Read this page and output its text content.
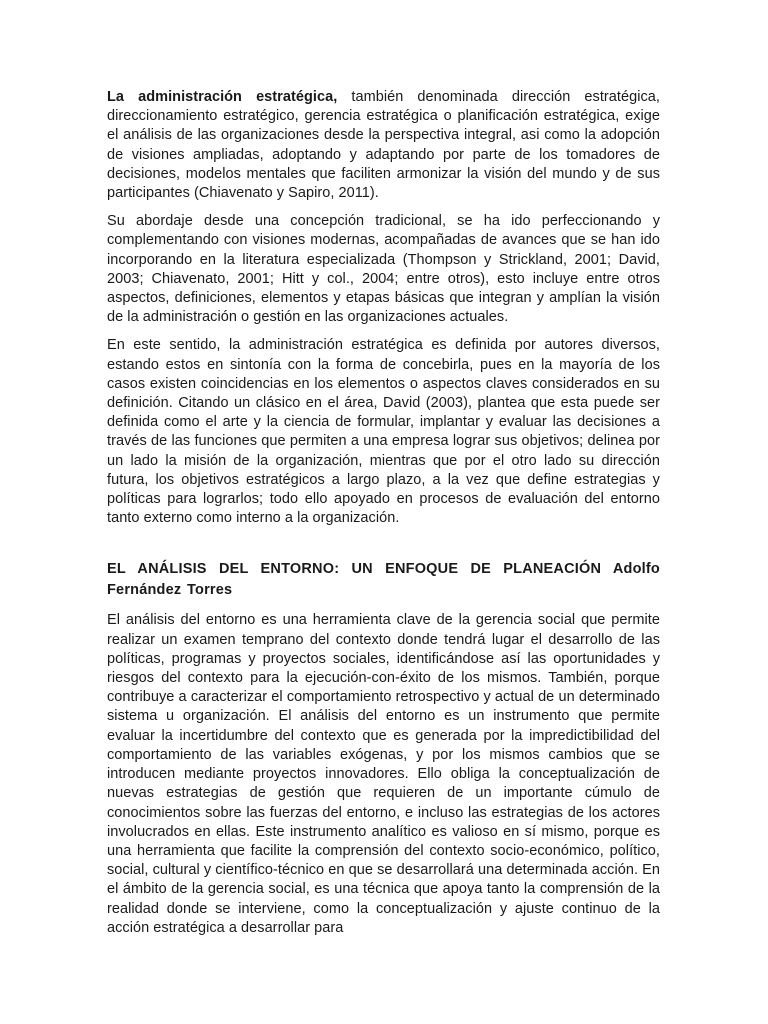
La administración estratégica, también denominada dirección estratégica, direccionamiento estratégico, gerencia estratégica o planificación estratégica, exige el análisis de las organizaciones desde la perspectiva integral, asi como la adopción de visiones ampliadas, adoptando y adaptando por parte de los tomadores de decisiones, modelos mentales que faciliten armonizar la visión del mundo y de sus participantes (Chiavenato y Sapiro, 2011).

Su abordaje desde una concepción tradicional, se ha ido perfeccionando y complementando con visiones modernas, acompañadas de avances que se han ido incorporando en la literatura especializada (Thompson y Strickland, 2001; David, 2003; Chiavenato, 2001; Hitt y col., 2004; entre otros), esto incluye entre otros aspectos, definiciones, elementos y etapas básicas que integran y amplían la visión de la administración o gestión en las organizaciones actuales.

En este sentido, la administración estratégica es definida por autores diversos, estando estos en sintonía con la forma de concebirla, pues en la mayoría de los casos existen coincidencias en los elementos o aspectos claves considerados en su definición. Citando un clásico en el área, David (2003), plantea que esta puede ser definida como el arte y la ciencia de formular, implantar y evaluar las decisiones a través de las funciones que permiten a una empresa lograr sus objetivos; delinea por un lado la misión de la organización, mientras que por el otro lado su dirección futura, los objetivos estratégicos a largo plazo, a la vez que define estrategias y políticas para lograrlos; todo ello apoyado en procesos de evaluación del entorno tanto externo como interno a la organización.

EL ANÁLISIS DEL ENTORNO: UN ENFOQUE DE PLANEACIÓN Adolfo Fernández Torres

El análisis del entorno es una herramienta clave de la gerencia social que permite realizar un examen temprano del contexto donde tendrá lugar el desarrollo de las políticas, programas y proyectos sociales, identificándose así las oportunidades y riesgos del contexto para la ejecución-con-éxito de los mismos. También, porque contribuye a caracterizar el comportamiento retrospectivo y actual de un determinado sistema u organización. El análisis del entorno es un instrumento que permite evaluar la incertidumbre del contexto que es generada por la impredictibilidad del comportamiento de las variables exógenas, y por los mismos cambios que se introducen mediante proyectos innovadores. Ello obliga la conceptualización de nuevas estrategias de gestión que requieren de un importante cúmulo de conocimientos sobre las fuerzas del entorno, e incluso las estrategias de los actores involucrados en ellas. Este instrumento analítico es valioso en sí mismo, porque es una herramienta que facilite la comprensión del contexto socio-económico, político, social, cultural y científico-técnico en que se desarrollará una determinada acción. En el ámbito de la gerencia social, es una técnica que apoya tanto la comprensión de la realidad donde se interviene, como la conceptualización y ajuste continuo de la acción estratégica a desarrollar para
